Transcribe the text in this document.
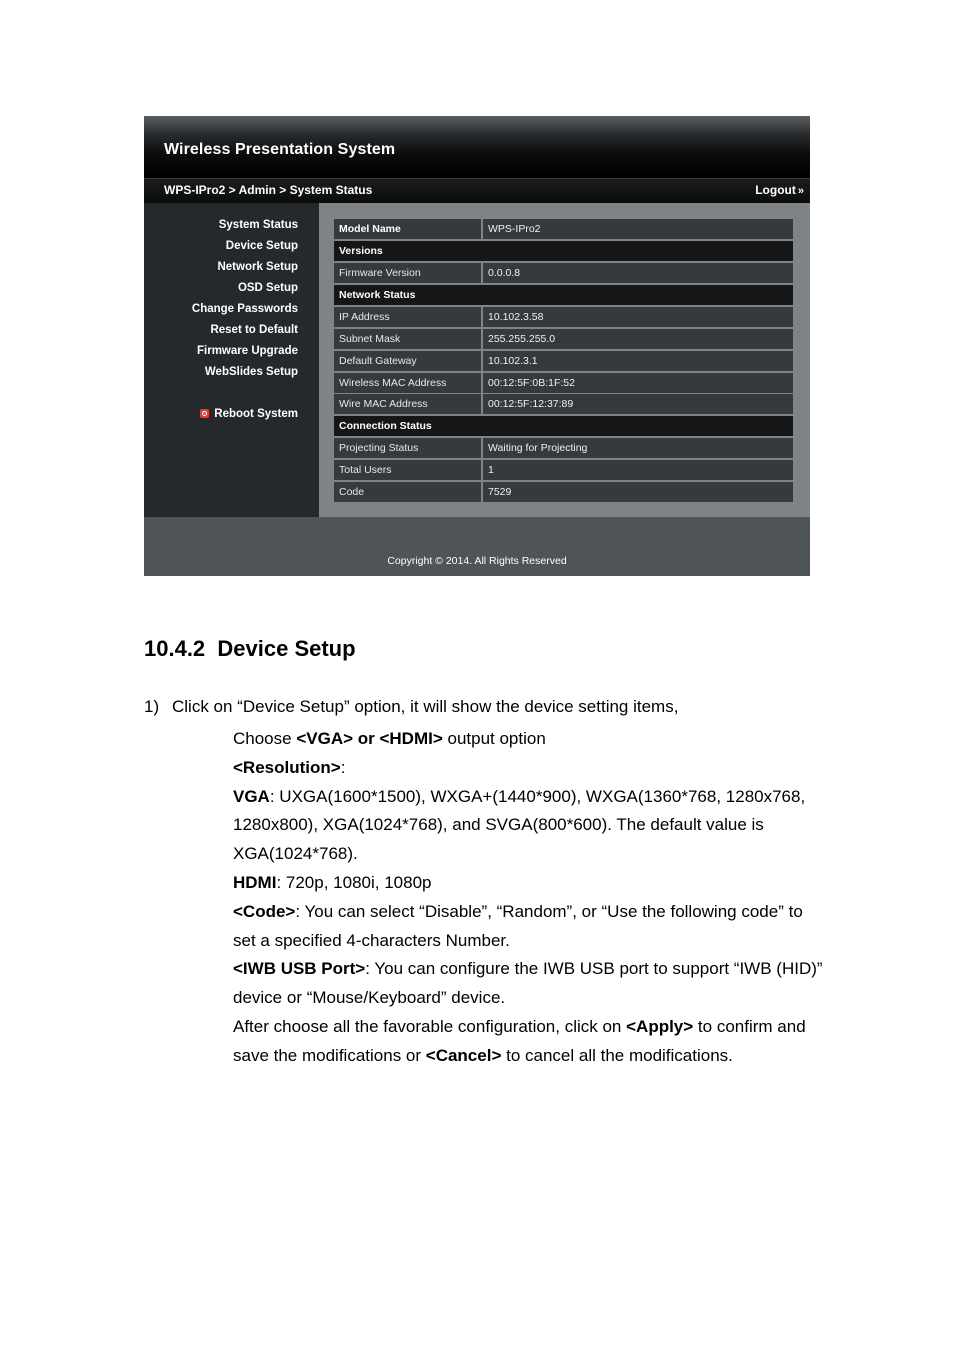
Wireless Presentation System
WPS-IPro2 > Admin > System Status	Logout »
System Status
Device Setup
Network Setup
OSD Setup
Change Passwords
Reset to Default
Firmware Upgrade
WebSlides Setup
Reboot System
Model Name	WPS-IPro2
Versions
Firmware Version	0.0.0.8
Network Status
IP Address	10.102.3.58
Subnet Mask	255.255.255.0
Default Gateway	10.102.3.1
Wireless MAC Address	00:12:5F:0B:1F:52
Wire MAC Address	00:12:5F:12:37:89
Connection Status
Projecting Status	Waiting for Projecting
Total Users	1
Code	7529
Copyright © 2014. All Rights Reserved
10.4.2  Device Setup
1) Click on “Device Setup” option, it will show the device setting items,

Choose <VGA> or <HDMI> output option

<Resolution>:

VGA: UXGA(1600*1500), WXGA+(1440*900), WXGA(1360*768, 1280x768, 1280x800), XGA(1024*768), and SVGA(800*600). The default value is XGA(1024*768).

HDMI: 720p, 1080i, 1080p

<Code>: You can select “Disable”, “Random”, or “Use the following code” to set a specified 4-characters Number.

<IWB USB Port>: You can configure the IWB USB port to support “IWB (HID)” device or “Mouse/Keyboard” device.

After choose all the favorable configuration, click on <Apply> to confirm and save the modifications or <Cancel> to cancel all the modifications.
